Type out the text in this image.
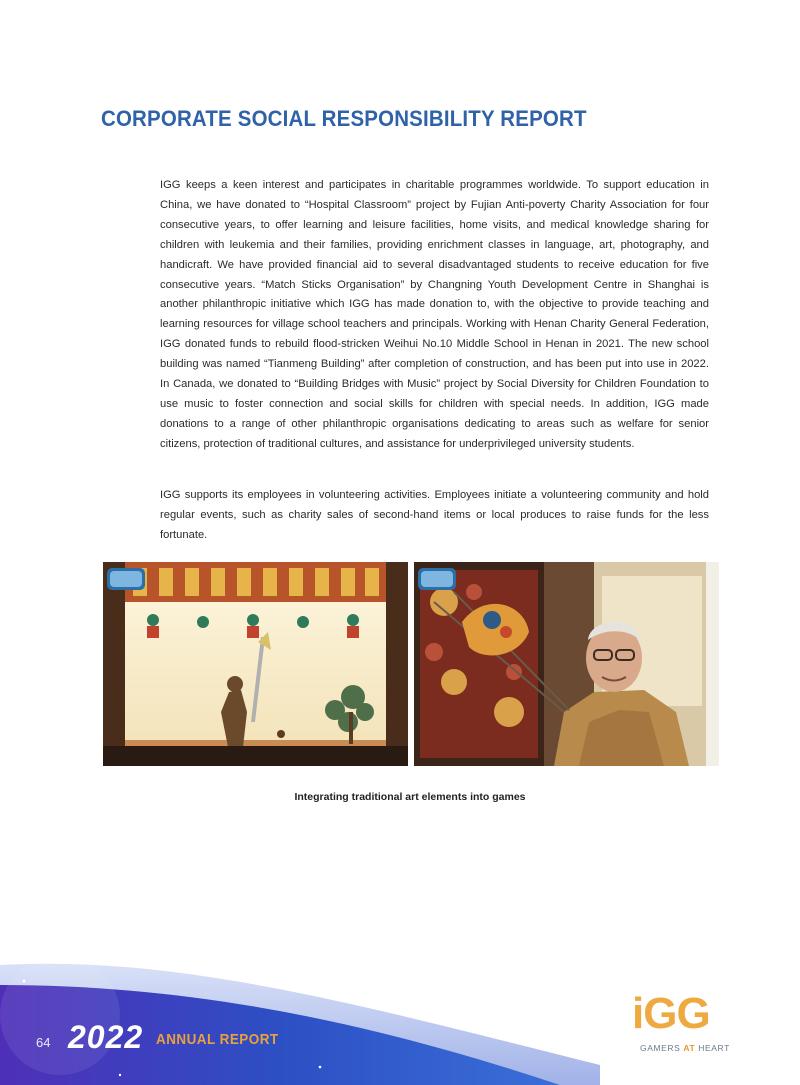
CORPORATE SOCIAL RESPONSIBILITY REPORT

IGG keeps a keen interest and participates in charitable programmes worldwide. To support education in China, we have donated to “Hospital Classroom” project by Fujian Anti-poverty Charity Association for four consecutive years, to offer learning and leisure facilities, home visits, and medical knowledge sharing for children with leukemia and their families, providing enrichment classes in language, art, photography, and handicraft. We have provided financial aid to several disadvantaged students to receive education for five consecutive years. “Match Sticks Organisation” by Changning Youth Development Centre in Shanghai is another philanthropic initiative which IGG has made donation to, with the objective to provide teaching and learning resources for village school teachers and principals. Working with Henan Charity General Federation, IGG donated funds to rebuild flood-stricken Weihui No.10 Middle School in Henan in 2021. The new school building was named “Tianmeng Building” after completion of construction, and has been put into use in 2022. In Canada, we donated to “Building Bridges with Music” project by Social Diversity for Children Foundation to use music to foster connection and social skills for children with special needs. In addition, IGG made donations to a range of other philanthropic organisations dedicating to areas such as welfare for senior citizens, protection of traditional cultures, and assistance for underprivileged university students.

IGG supports its employees in volunteering activities. Employees initiate a volunteering community and hold regular events, such as charity sales of second-hand items or local produces to raise funds for the less fortunate.

Integrating traditional art elements into games
64 2022 ANNUAL REPORT
iGG
GAMERS AT HEART
